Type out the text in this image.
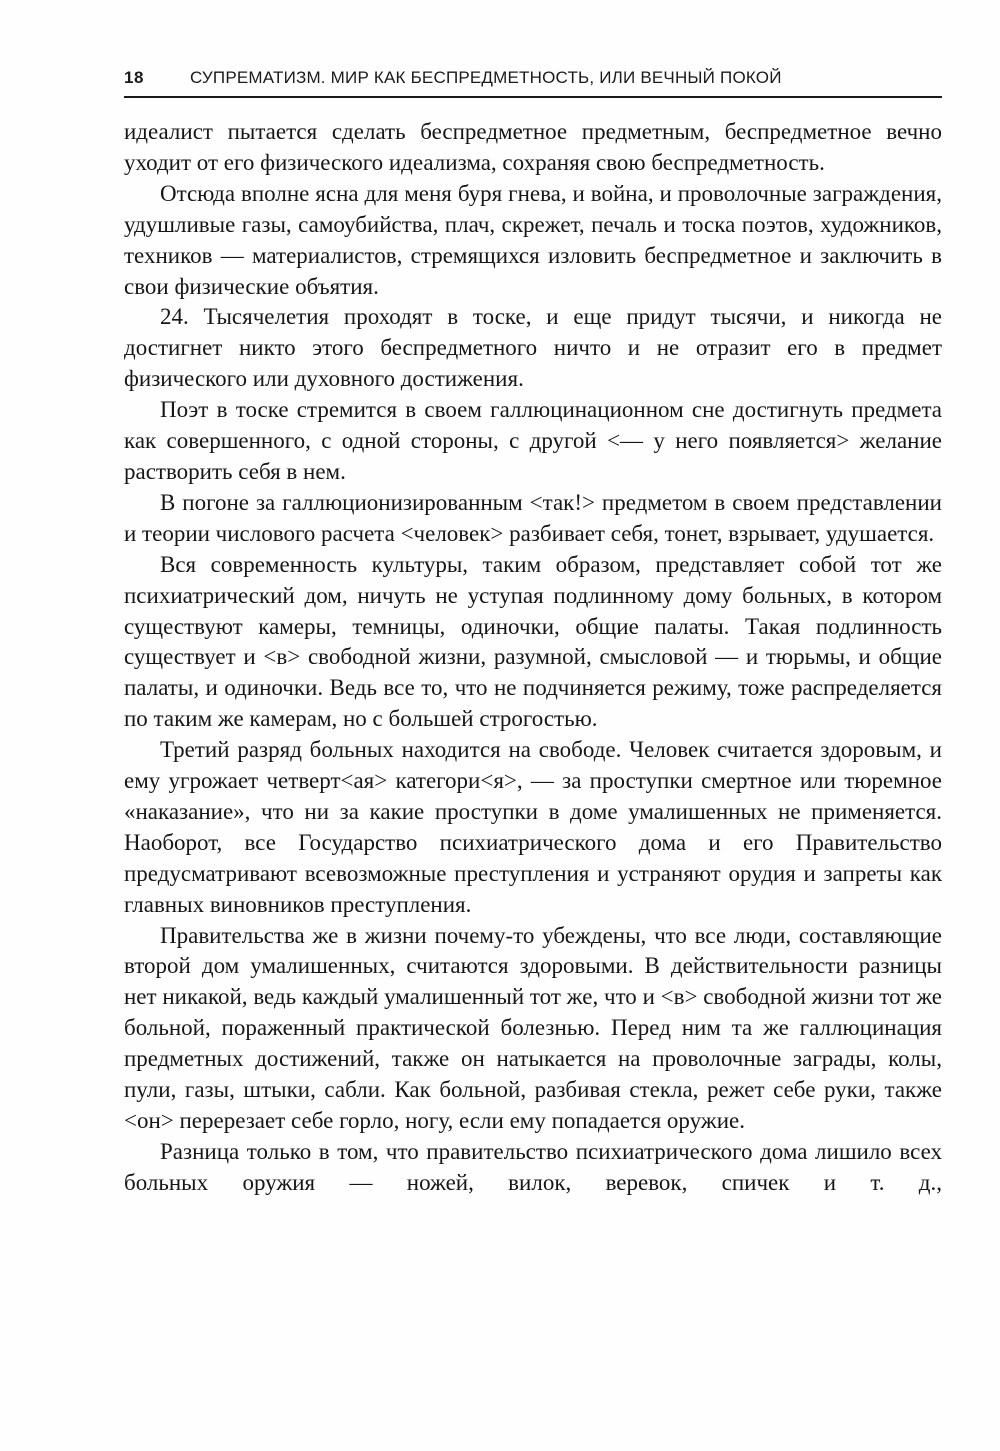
18	СУПРЕМАТИЗМ. МИР КАК БЕСПРЕДМЕТНОСТЬ, ИЛИ ВЕЧНЫЙ ПОКОЙ

идеалист пытается сделать беспредметное предметным, беспредметное вечно уходит от его физического идеализма, сохраняя свою беспредметность.

Отсюда вполне ясна для меня буря гнева, и война, и проволочные заграждения, удушливые газы, самоубийства, плач, скрежет, печаль и тоска поэтов, художников, техников — материалистов, стремящихся изловить беспредметное и заключить в свои физические объятия.

24. Тысячелетия проходят в тоске, и еще придут тысячи, и никогда не достигнет никто этого беспредметного ничто и не отразит его в предмет физического или духовного достижения.

Поэт в тоске стремится в своем галлюцинационном сне достигнуть предмета как совершенного, с одной стороны, с другой <— у него появляется> желание растворить себя в нем.

В погоне за галлюционизированным <так!> предметом в своем представлении и теории числового расчета <человек> разбивает себя, тонет, взрывает, удушается.

Вся современность культуры, таким образом, представляет собой тот же психиатрический дом, ничуть не уступая подлинному дому больных, в котором существуют камеры, темницы, одиночки, общие палаты. Такая подлинность существует и <в> свободной жизни, разумной, смысловой — и тюрьмы, и общие палаты, и одиночки. Ведь все то, что не подчиняется режиму, тоже распределяется по таким же камерам, но с большей строгостью.

Третий разряд больных находится на свободе. Человек считается здоровым, и ему угрожает четверт<ая> категори<я>, — за проступки смертное или тюремное «наказание», что ни за какие проступки в доме умалишенных не применяется. Наоборот, все Государство психиатрического дома и его Правительство предусматривают всевозможные преступления и устраняют орудия и запреты как главных виновников преступления.

Правительства же в жизни почему-то убеждены, что все люди, составляющие второй дом умалишенных, считаются здоровыми. В действительности разницы нет никакой, ведь каждый умалишенный тот же, что и <в> свободной жизни тот же больной, пораженный практической болезнью. Перед ним та же галлюцинация предметных достижений, также он натыкается на проволочные заграды, колы, пули, газы, штыки, сабли. Как больной, разбивая стекла, режет себе руки, также <он> перерезает себе горло, ногу, если ему попадается оружие.

Разница только в том, что правительство психиатрического дома лишило всех больных оружия — ножей, вилок, веревок, спичек и т. д.,
